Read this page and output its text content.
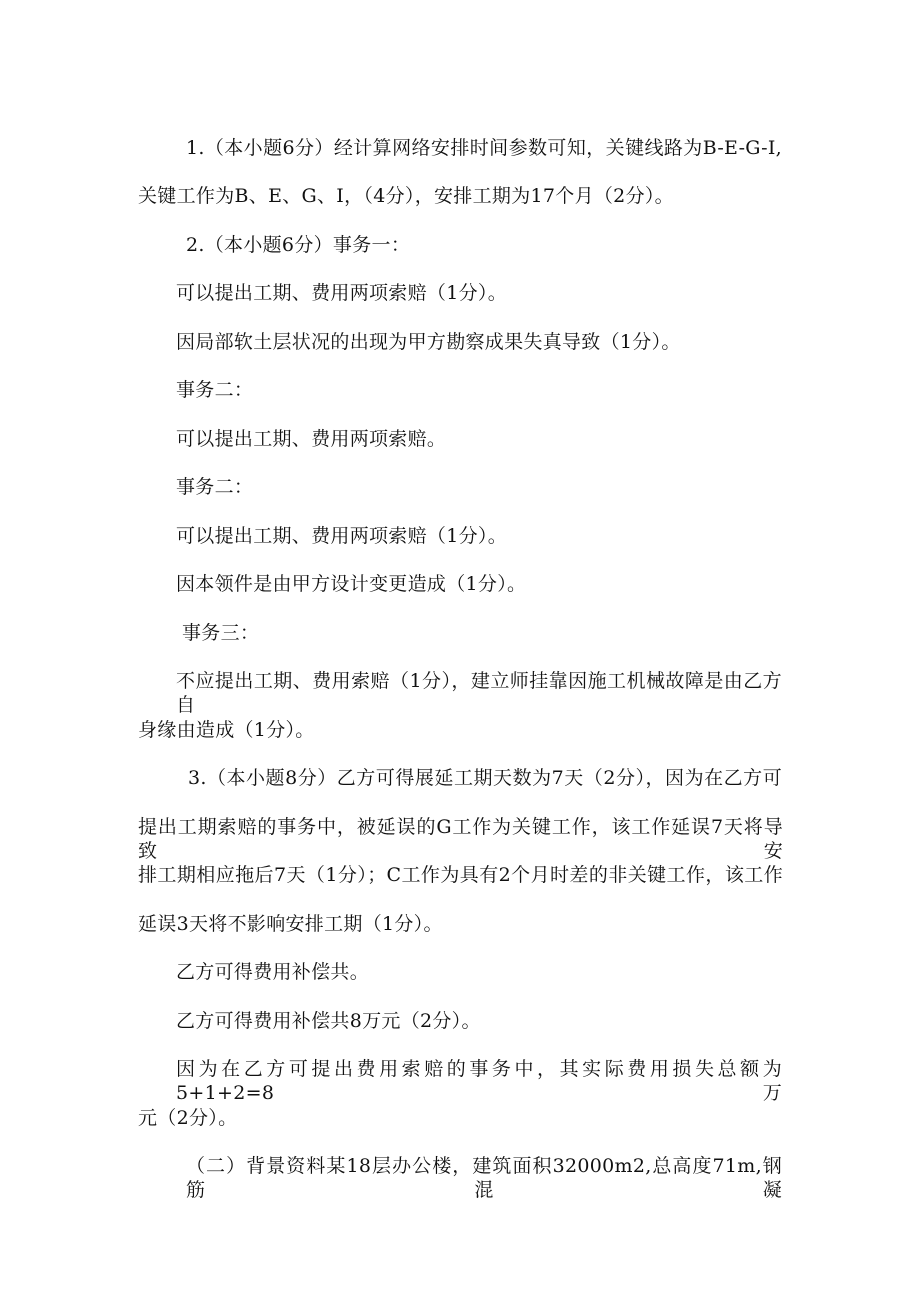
1.（本小题6分）经计算网络安排时间参数可知，关键线路为B-E-G-I,
关键工作为B、E、G、I，（4分），安排工期为17个月（2分）。
2.（本小题6分）事务一：
可以提出工期、费用两项索赔（1分）。
因局部软土层状况的出现为甲方勘察成果失真导致（1分）。
事务二：
可以提出工期、费用两项索赔。
事务二：
可以提出工期、费用两项索赔（1分）。
因本领件是由甲方设计变更造成（1分）。
事务三：
不应提出工期、费用索赔（1分），建立师挂靠因施工机械故障是由乙方自
身缘由造成（1分）。
3.（本小题8分）乙方可得展延工期天数为7天（2分），因为在乙方可
提出工期索赔的事务中，被延误的G工作为关键工作，该工作延误7天将导致安
排工期相应拖后7天（1分）；C工作为具有2个月时差的非关键工作，该工作
延误3天将不影响安排工期（1分）。
乙方可得费用补偿共。
乙方可得费用补偿共8万元（2分）。
因为在乙方可提出费用索赔的事务中，其实际费用损失总额为5+1+2=8万
元（2分）。
（二）背景资料某18层办公楼，建筑面积32000m2,总高度71m,钢筋混凝
